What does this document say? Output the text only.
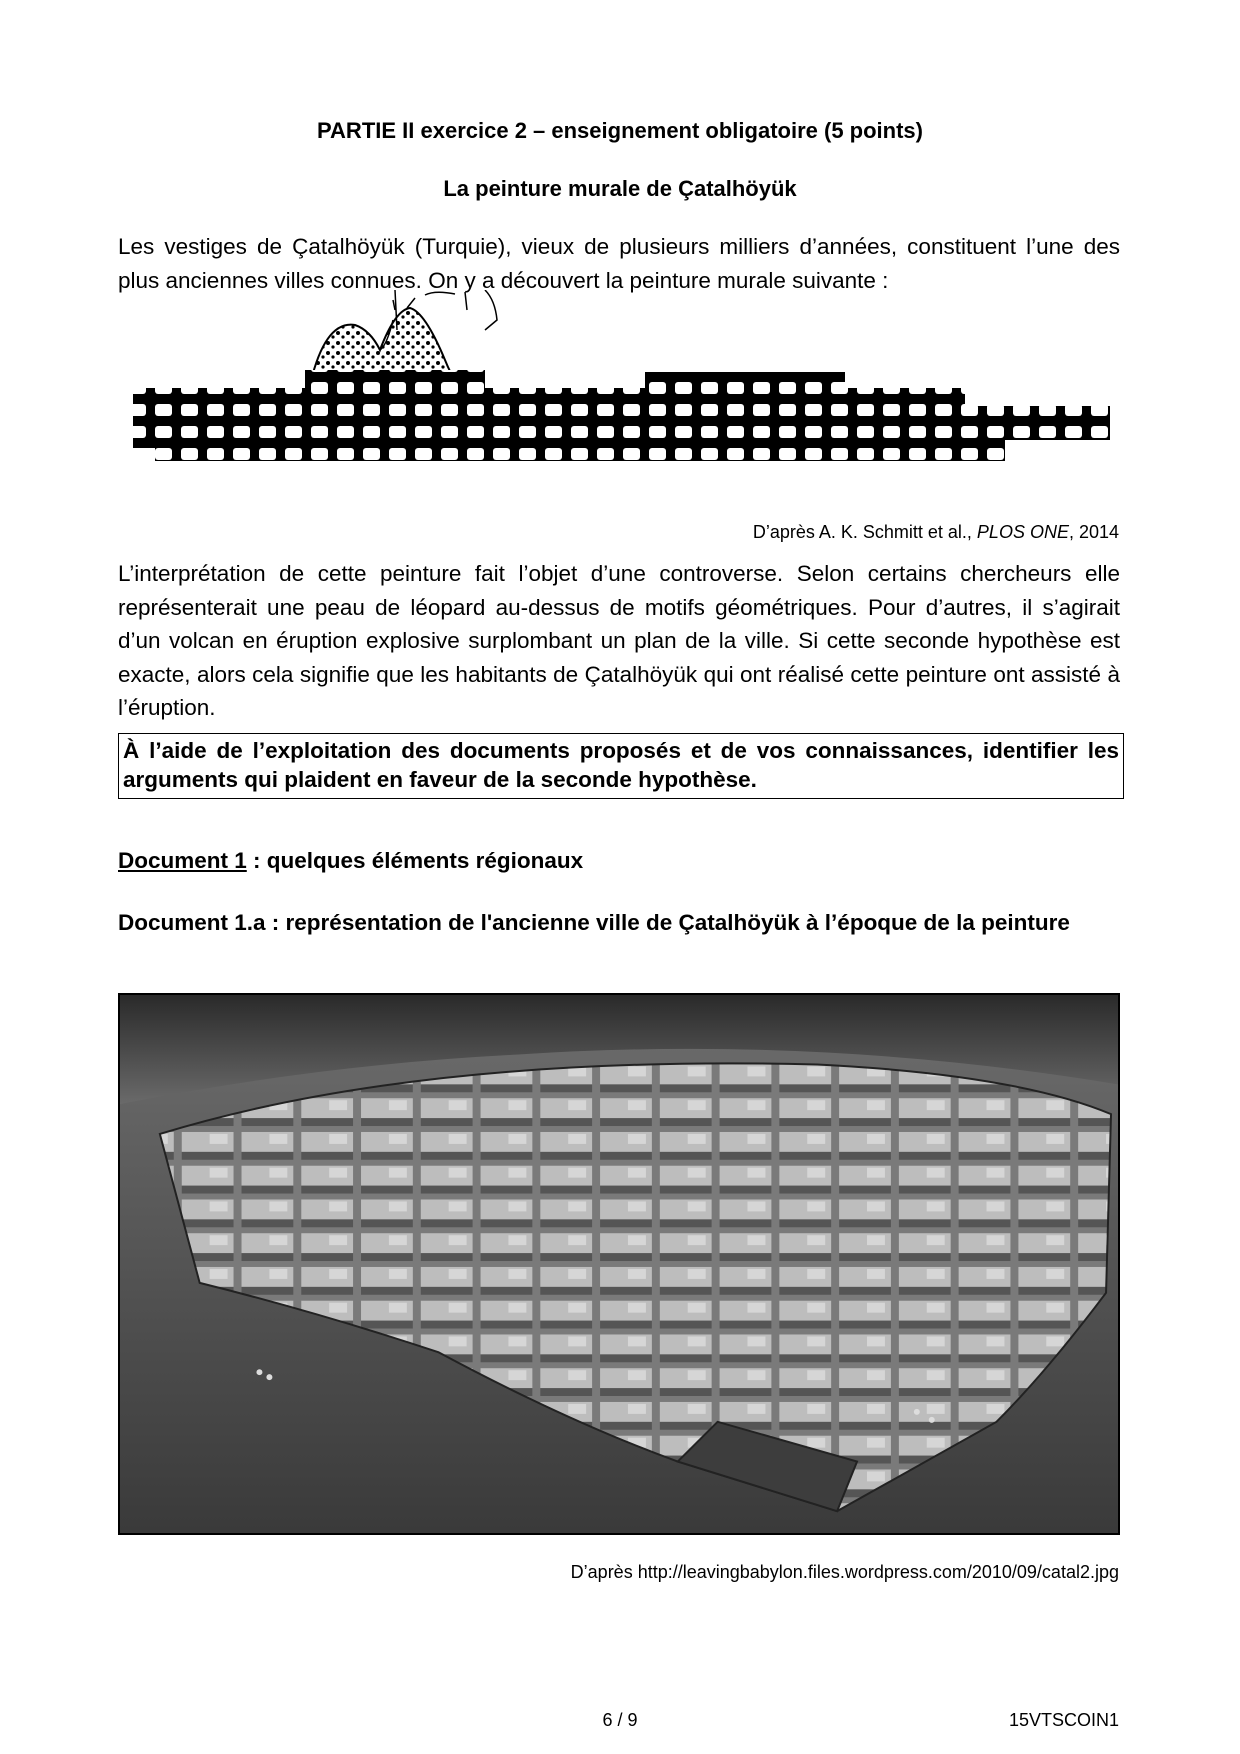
PARTIE II exercice 2 – enseignement obligatoire (5 points)
La peinture murale de Çatalhöyük

Les vestiges de Çatalhöyük (Turquie), vieux de plusieurs milliers d’années, constituent l’une des plus anciennes villes connues. On y a découvert la peinture murale suivante :

D’après A. K. Schmitt et al., PLOS ONE, 2014

L’interprétation de cette peinture fait l’objet d’une controverse. Selon certains chercheurs elle représenterait une peau de léopard au-dessus de motifs géométriques. Pour d’autres, il s’agirait d’un volcan en éruption explosive surplombant un plan de la ville. Si cette seconde hypothèse est exacte, alors cela signifie que les habitants de Çatalhöyük qui ont réalisé cette peinture ont assisté à l’éruption.

À l’aide de l’exploitation des documents proposés et de vos connaissances, identifier les arguments qui plaident en faveur de la seconde hypothèse.
Document 1 : quelques éléments régionaux
Document 1.a : représentation de l'ancienne ville de Çatalhöyük à l’époque de la peinture
D’après http://leavingbabylon.files.wordpress.com/2010/09/catal2.jpg
6 / 9	15VTSCOIN1
